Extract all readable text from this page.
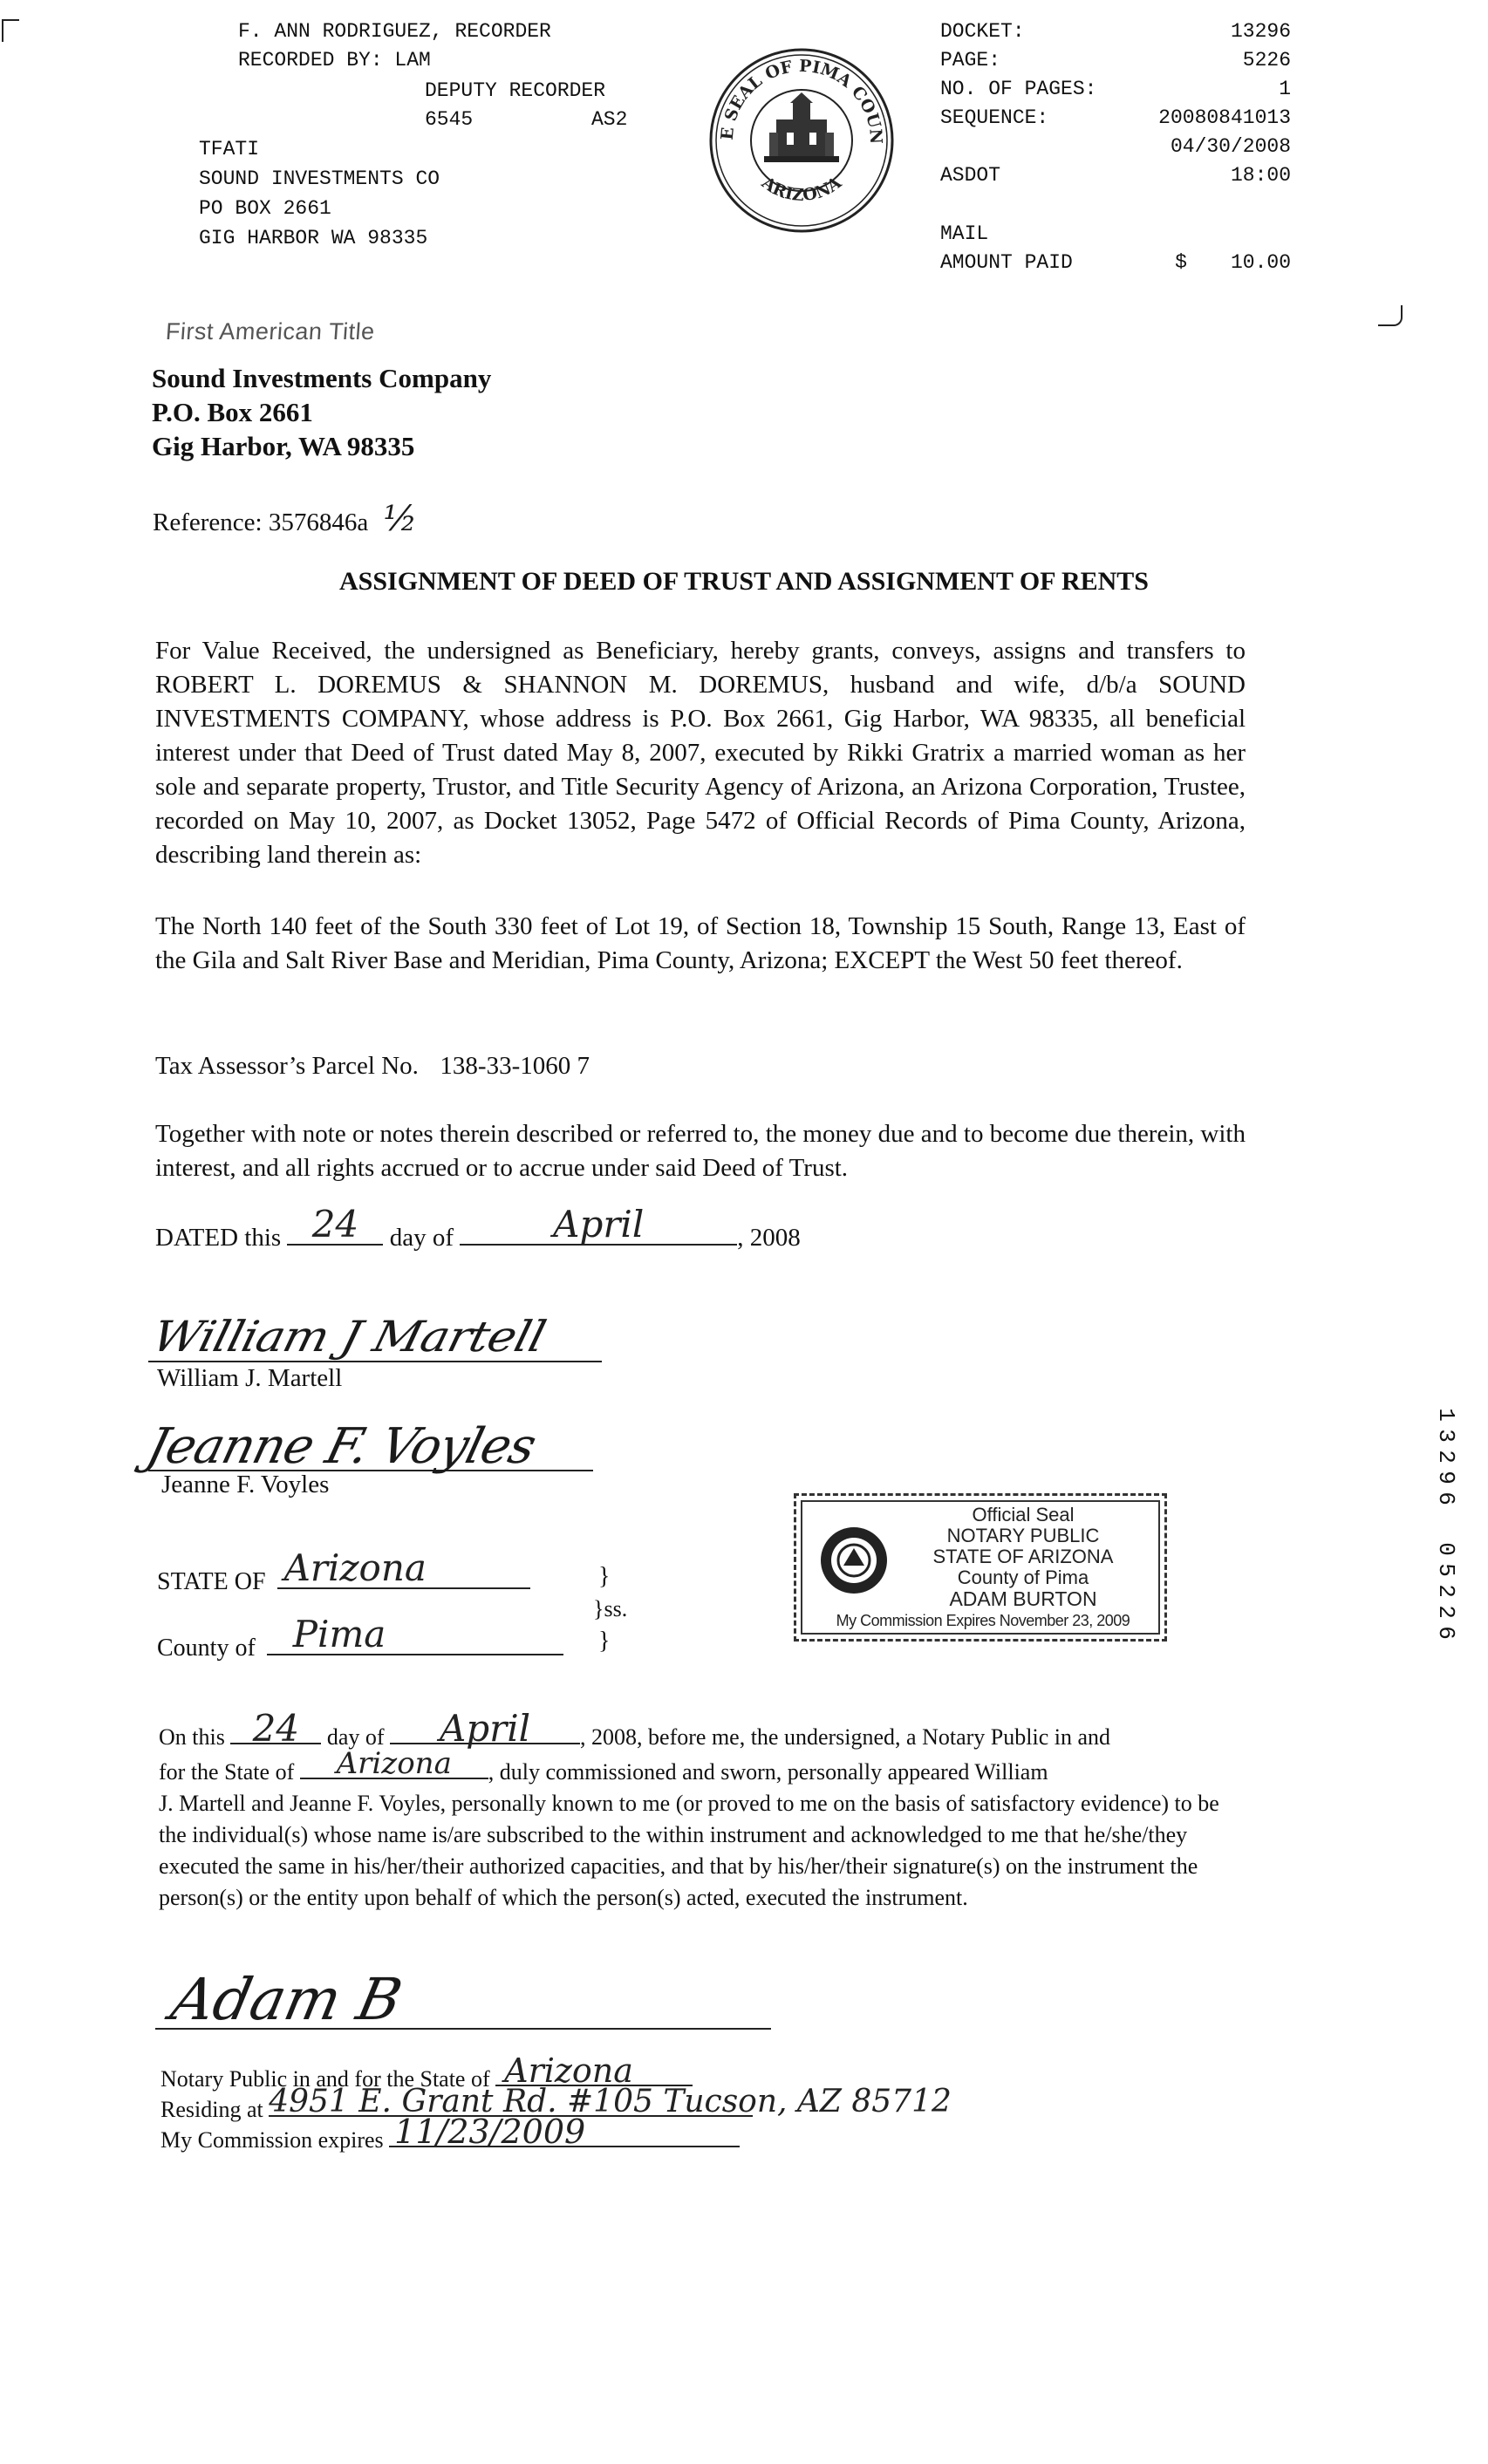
F. ANN RODRIGUEZ, RECORDER
RECORDED BY: LAM
DEPUTY RECORDER
6545	AS2
TFATI
SOUND INVESTMENTS CO
PO BOX 2661
GIG HARBOR WA 98335
E SEAL OF PIMA COUN
ARIZONA
DOCKET:	13296
PAGE:	5226
NO. OF PAGES:	1
SEQUENCE:	20080841013
04/30/2008
ASDOT	18:00
MAIL
AMOUNT PAID	$ 10.00
First American Title
Sound Investments Company
P.O. Box 2661
Gig Harbor, WA 98335
Reference: 3576846a ½
ASSIGNMENT OF DEED OF TRUST AND ASSIGNMENT OF RENTS
For Value Received, the undersigned as Beneficiary, hereby grants, conveys, assigns and transfers to ROBERT L. DOREMUS & SHANNON M. DOREMUS, husband and wife, d/b/a SOUND INVESTMENTS COMPANY, whose address is P.O. Box 2661, Gig Harbor, WA 98335, all beneficial interest under that Deed of Trust dated May 8, 2007, executed by Rikki Gratrix a married woman as her sole and separate property, Trustor, and Title Security Agency of Arizona, an Arizona Corporation, Trustee, recorded on May 10, 2007, as Docket 13052, Page 5472 of Official Records of Pima County, Arizona, describing land therein as:
The North 140 feet of the South 330 feet of Lot 19, of Section 18, Township 15 South, Range 13, East of the Gila and Salt River Base and Meridian, Pima County, Arizona; EXCEPT the West 50 feet thereof.
Tax Assessor’s Parcel No. 138-33-1060 7
Together with note or notes therein described or referred to, the money due and to become due therein, with interest, and all rights accrued or to accrue under said Deed of Trust.
DATED this 24	day of	April	, 2008
William J Martell
William J. Martell
Jeanne F. Voyles
Jeanne F. Voyles
STATE OF Arizona	}
}ss.
}
County of Pima
Official Seal
NOTARY PUBLIC
STATE OF ARIZONA
County of Pima
ADAM BURTON
My Commission Expires November 23, 2009
On this 24	day of	April	, 2008, before me, the undersigned, a Notary Public in and
for the State of	Arizona	, duly commissioned and sworn, personally appeared William
J. Martell and Jeanne F. Voyles, personally known to me (or proved to me on the basis of satisfactory evidence) to be the individual(s) whose name is/are subscribed to the within instrument and acknowledged to me that he/she/they executed the same in his/her/their authorized capacities, and that by his/her/their signature(s) on the instrument the person(s) or the entity upon behalf of which the person(s) acted, executed the instrument.
Adam B
Notary Public in and for the State of Arizona
Residing at 4951 E. Grant Rd. #105 Tucson, AZ 85712
My Commission expires 11/23/2009
1
3
2
9
6
0
5
2
2
6
